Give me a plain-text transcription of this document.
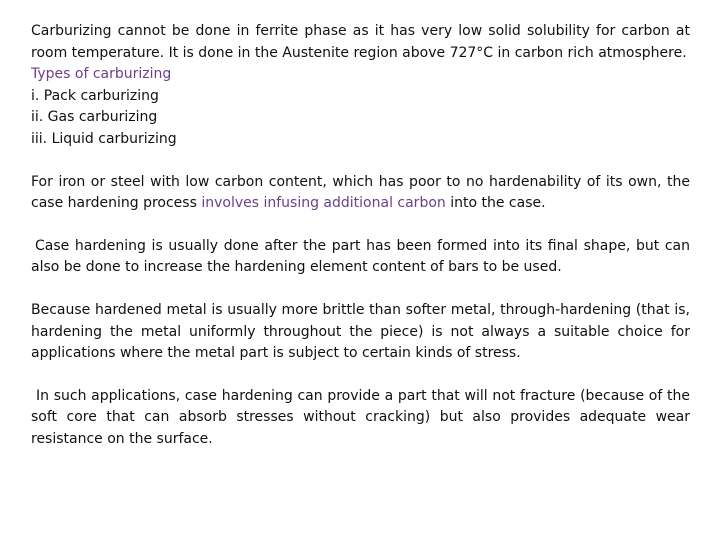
Carburizing cannot be done in ferrite phase as it has very low solid solubility for carbon at room temperature. It is done in the Austenite region above 727°C in carbon rich atmosphere.

Types of carburizing

i. Pack carburizing
ii. Gas carburizing
iii. Liquid carburizing

For iron or steel with low carbon content, which has poor to no hardenability of its own, the case hardening process involves infusing additional carbon into the case.

Case hardening is usually done after the part has been formed into its final shape, but can also be done to increase the hardening element content of bars to be used.

Because hardened metal is usually more brittle than softer metal, through-hardening (that is, hardening the metal uniformly throughout the piece) is not always a suitable choice for applications where the metal part is subject to certain kinds of stress.

In such applications, case hardening can provide a part that will not fracture (because of the soft core that can absorb stresses without cracking) but also provides adequate wear resistance on the surface.
